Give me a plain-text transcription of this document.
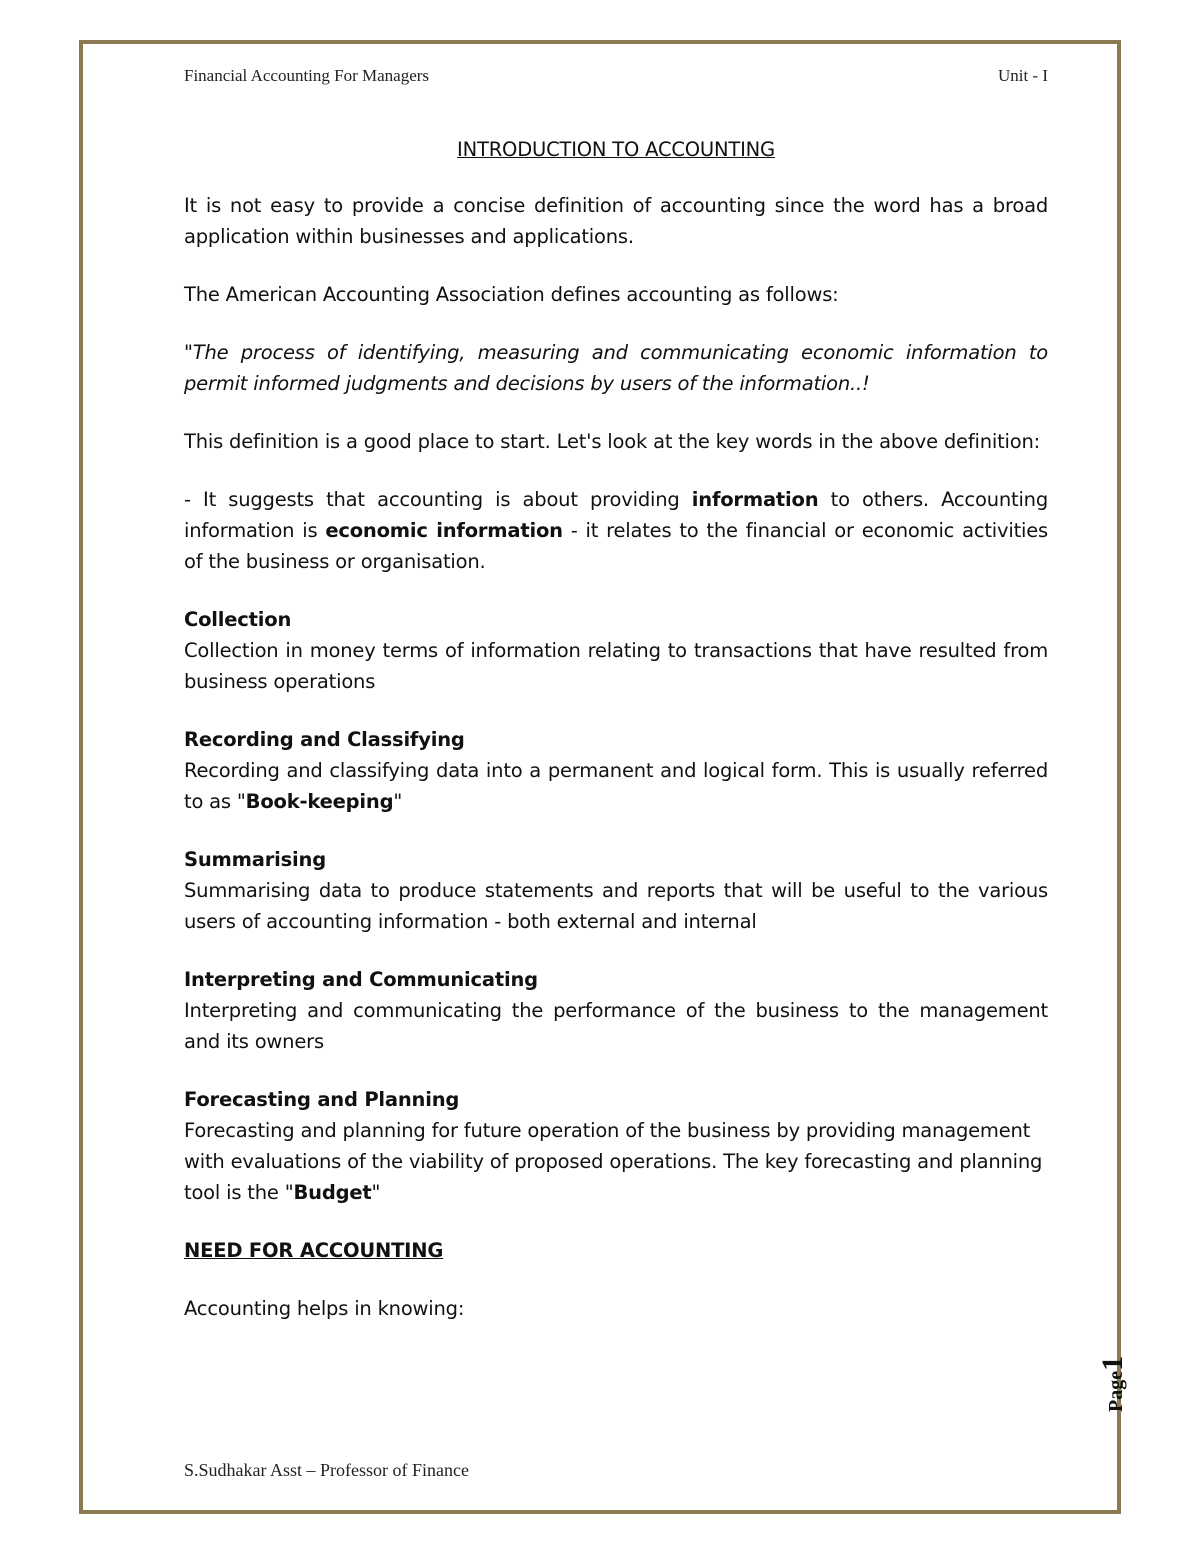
Financial Accounting For Managers	Unit - I

INTRODUCTION TO ACCOUNTING

It is not easy to provide a concise definition of accounting since the word has a broad application within businesses and applications.

The American Accounting Association defines accounting as follows:

"The process of identifying, measuring and communicating economic information to permit informed judgments and decisions by users of the information..!

This definition is a good place to start. Let's look at the key words in the above definition:

- It suggests that accounting is about providing information to others. Accounting information is economic information - it relates to the financial or economic activities of the business or organisation.

Collection

Collection in money terms of information relating to transactions that have resulted from business operations

Recording and Classifying

Recording and classifying data into a permanent and logical form. This is usually referred to as "Book-keeping"

Summarising

Summarising data to produce statements and reports that will be useful to the various users of accounting information - both external and internal

Interpreting and Communicating

Interpreting and communicating the performance of the business to the management and its owners

Forecasting and Planning

Forecasting and planning for future operation of the business by providing management with evaluations of the viability of proposed operations. The key forecasting and planning tool is the "Budget"

NEED FOR ACCOUNTING

Accounting helps in knowing:

Page1
S.Sudhakar Asst – Professor of Finance
